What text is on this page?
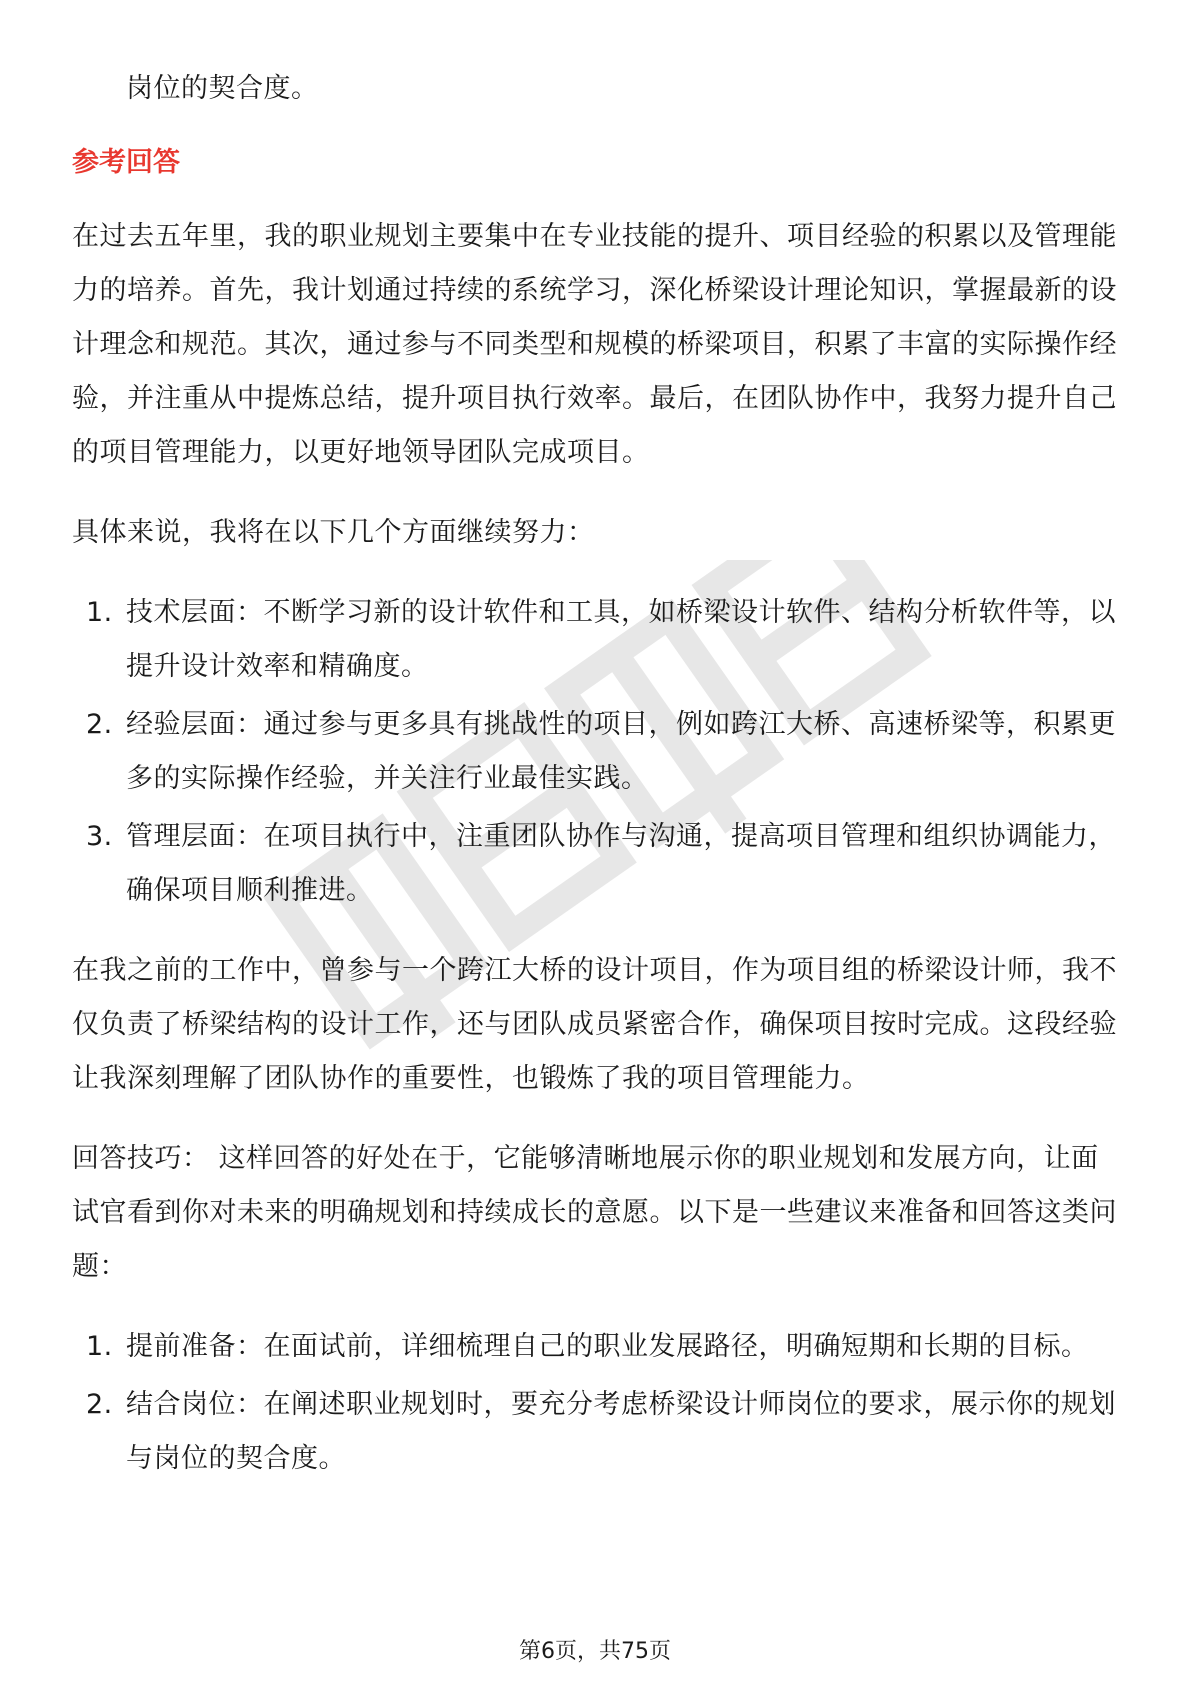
岗位的契合度。

参考回答

在过去五年里，我的职业规划主要集中在专业技能的提升、项目经验的积累以及管理能力的培养。首先，我计划通过持续的系统学习，深化桥梁设计理论知识，掌握最新的设计理念和规范。其次，通过参与不同类型和规模的桥梁项目，积累了丰富的实际操作经验，并注重从中提炼总结，提升项目执行效率。最后，在团队协作中，我努力提升自己的项目管理能力，以更好地领导团队完成项目。

具体来说，我将在以下几个方面继续努力：

1. 技术层面：不断学习新的设计软件和工具，如桥梁设计软件、结构分析软件等，以提升设计效率和精确度。
2. 经验层面：通过参与更多具有挑战性的项目，例如跨江大桥、高速桥梁等，积累更多的实际操作经验，并关注行业最佳实践。
3. 管理层面：在项目执行中，注重团队协作与沟通，提高项目管理和组织协调能力，确保项目顺利推进。

在我之前的工作中，曾参与一个跨江大桥的设计项目，作为项目组的桥梁设计师，我不仅负责了桥梁结构的设计工作，还与团队成员紧密合作，确保项目按时完成。这段经验让我深刻理解了团队协作的重要性，也锻炼了我的项目管理能力。

回答技巧： 这样回答的好处在于，它能够清晰地展示你的职业规划和发展方向，让面试官看到你对未来的明确规划和持续成长的意愿。以下是一些建议来准备和回答这类问题：

1. 提前准备：在面试前，详细梳理自己的职业发展路径，明确短期和长期的目标。
2. 结合岗位：在阐述职业规划时，要充分考虑桥梁设计师岗位的要求，展示你的规划与岗位的契合度。
第6页，共75页
